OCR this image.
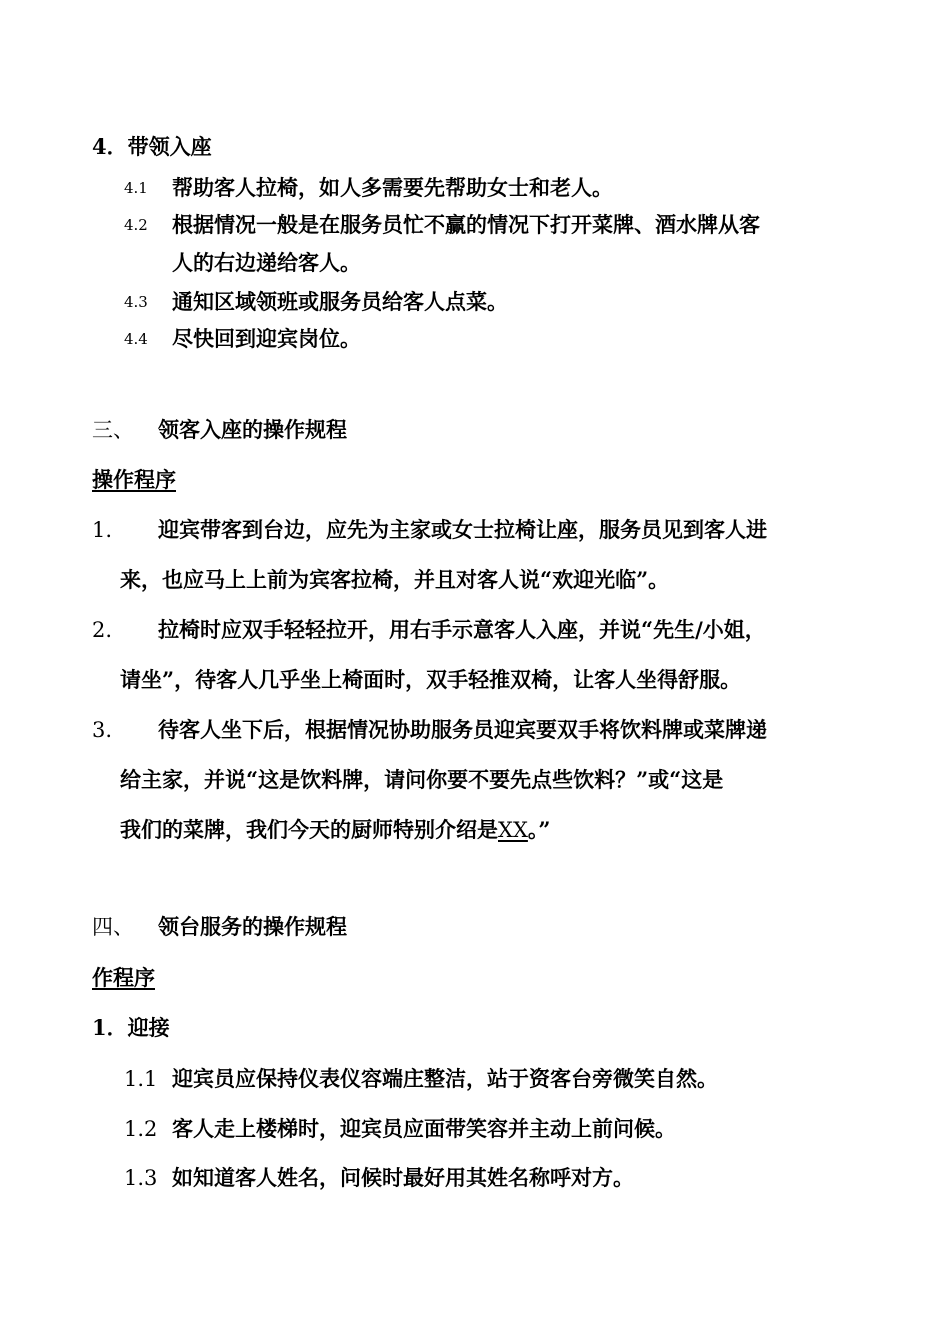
4．带领入座
4.1 帮助客人拉椅，如人多需要先帮助女士和老人。
4.2 根据情况一般是在服务员忙不赢的情况下打开菜牌、酒水牌从客
人的右边递给客人。
4.3 通知区域领班或服务员给客人点菜。
4.4 尽快回到迎宾岗位。
三、 领客入座的操作规程
操作程序
1. 迎宾带客到台边，应先为主家或女士拉椅让座，服务员见到客人进
来，也应马上上前为宾客拉椅，并且对客人说“欢迎光临”。
2. 拉椅时应双手轻轻拉开，用右手示意客人入座，并说“先生/小姐，
请坐”，待客人几乎坐上椅面时，双手轻推双椅，让客人坐得舒服。
3. 待客人坐下后，根据情况协助服务员迎宾要双手将饮料牌或菜牌递
给主家，并说“这是饮料牌，请问你要不要先点些饮料？”或“这是
我们的菜牌，我们今天的厨师特别介绍是XX。”
四、 领台服务的操作规程
作程序
1．迎接
1.1 迎宾员应保持仪表仪容端庄整洁，站于资客台旁微笑自然。
1.2 客人走上楼梯时，迎宾员应面带笑容并主动上前问候。
1.3 如知道客人姓名，问候时最好用其姓名称呼对方。
